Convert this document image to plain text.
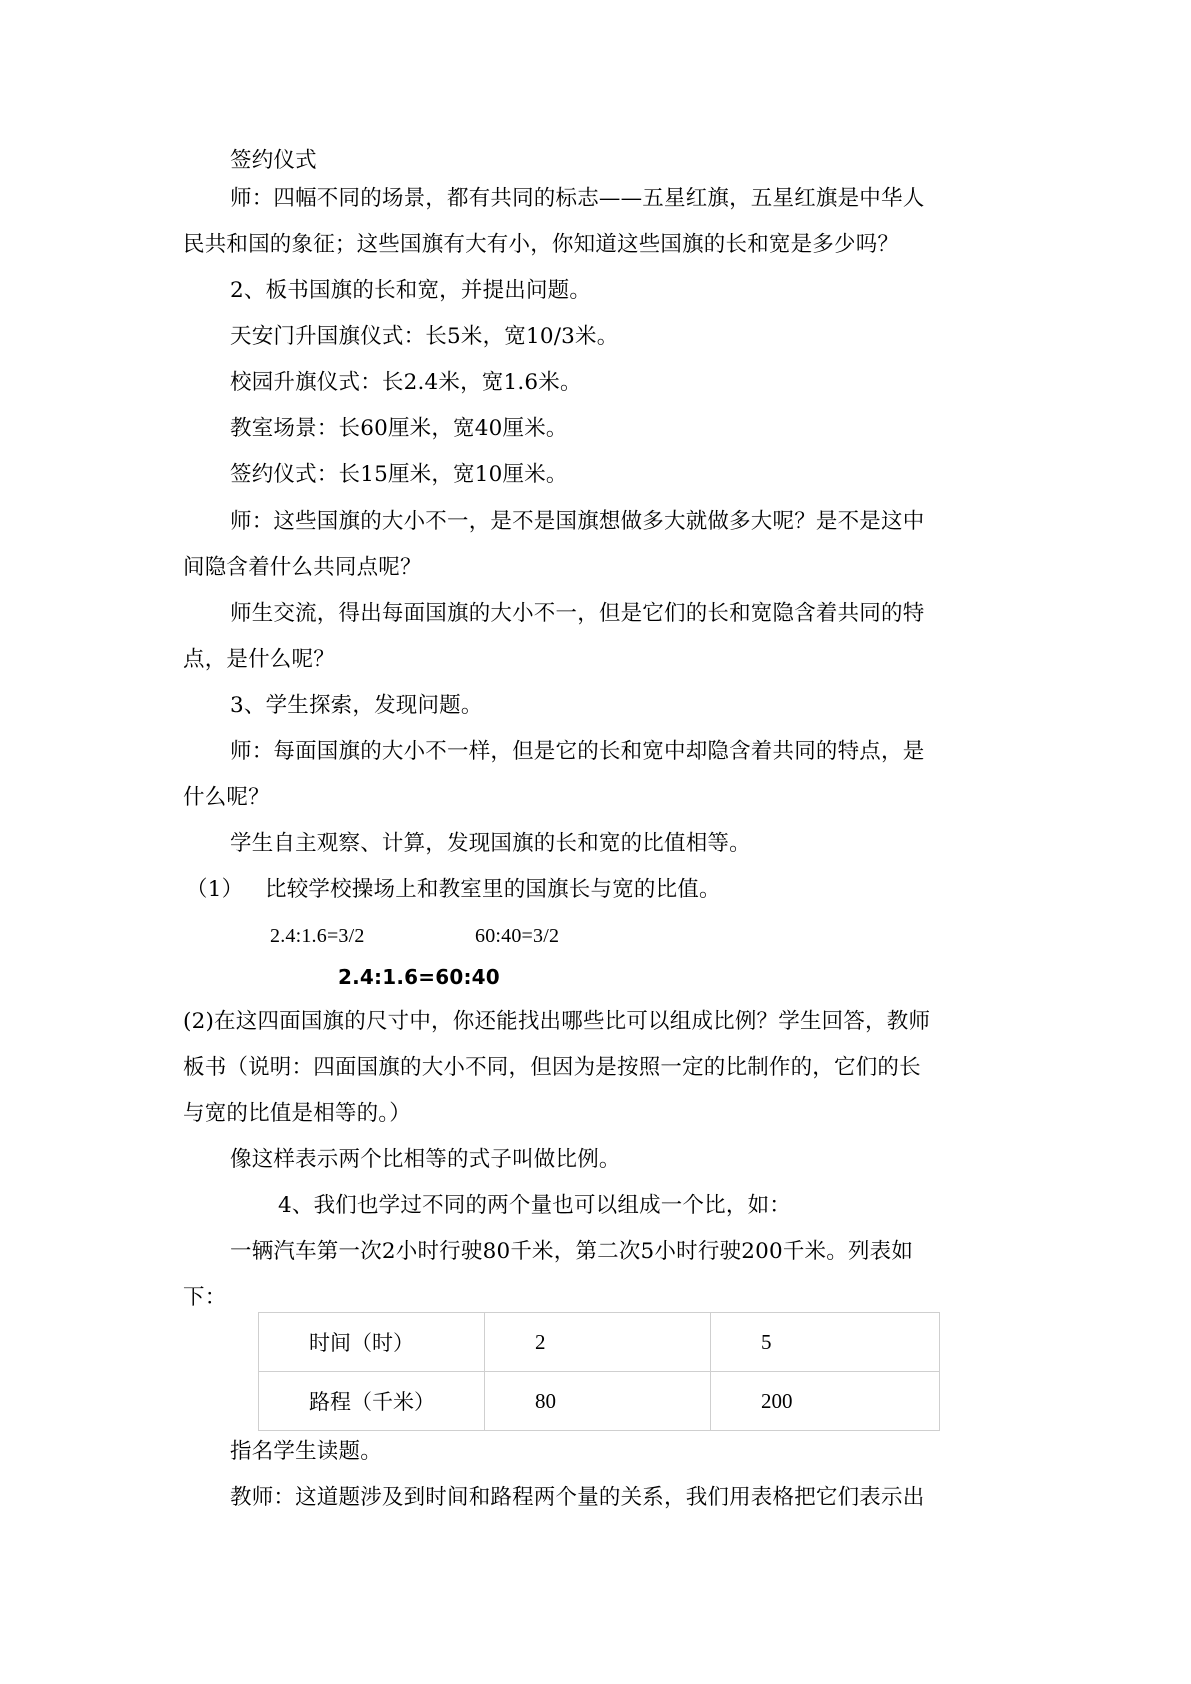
签约仪式
师：四幅不同的场景，都有共同的标志——五星红旗，五星红旗是中华人
民共和国的象征；这些国旗有大有小，你知道这些国旗的长和宽是多少吗？
2、板书国旗的长和宽，并提出问题。
天安门升国旗仪式：长5米，宽10/3米。
校园升旗仪式：长2.4米，宽1.6米。
教室场景：长60厘米，宽40厘米。
签约仪式：长15厘米，宽10厘米。
师：这些国旗的大小不一，是不是国旗想做多大就做多大呢？是不是这中
间隐含着什么共同点呢？
师生交流，得出每面国旗的大小不一，但是它们的长和宽隐含着共同的特
点，是什么呢？
3、学生探索，发现问题。
师：每面国旗的大小不一样，但是它的长和宽中却隐含着共同的特点，是
什么呢？
学生自主观察、计算，发现国旗的长和宽的比值相等。
（1） 比较学校操场上和教室里的国旗长与宽的比值。
2.4:1.6=3/2	60:40=3/2
2.4:1.6=60:40
(2)在这四面国旗的尺寸中，你还能找出哪些比可以组成比例？学生回答，教师
板书（说明：四面国旗的大小不同，但因为是按照一定的比制作的，它们的长
与宽的比值是相等的。）
像这样表示两个比相等的式子叫做比例。
4、我们也学过不同的两个量也可以组成一个比，如：
一辆汽车第一次2小时行驶80千米，第二次5小时行驶200千米。列表如
下：
时间（时）	2	5
路程（千米）	80	200
指名学生读题。
教师：这道题涉及到时间和路程两个量的关系，我们用表格把它们表示出
